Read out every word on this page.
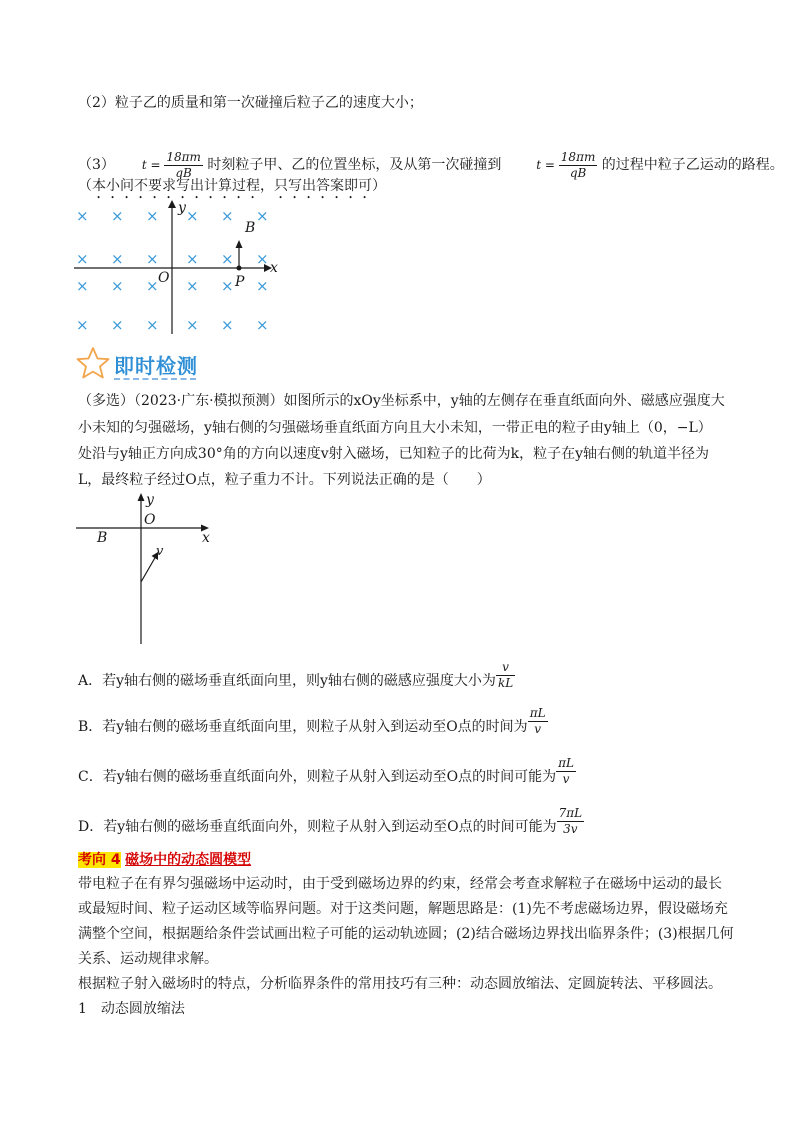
（2）粒子乙的质量和第一次碰撞后粒子乙的速度大小；
（3） $t = \frac{18\pi m}{qB}$ 时刻粒子甲、乙的位置坐标，及从第一次碰撞到	$t = \frac{18\pi m}{qB}$ 的过程中粒子乙运动的路程。
（本小问不要求写出计算过程，只写出答案即可）
y
x
O	P
B
× × × × × ×
× × × × × ×
× × × × × ×
× × × × × ×
即时检测
（多选）（2023·广东·模拟预测）如图所示的xOy坐标系中，y轴的左侧存在垂直纸面向外、磁感应强度大
小未知的匀强磁场，y轴右侧的匀强磁场垂直纸面方向且大小未知，一带正电的粒子由y轴上（0，−L）
处沿与y轴正方向成30°角的方向以速度v射入磁场，已知粒子的比荷为k，粒子在y轴右侧的轨道半径为
L，最终粒子经过O点，粒子重力不计。下列说法正确的是（　　）
y
x
O
B
v
A．若y轴右侧的磁场垂直纸面向里，则y轴右侧的磁感应强度大小为 $\frac{v}{kL}$
B．若y轴右侧的磁场垂直纸面向里，则粒子从射入到运动至O点的时间为 $\frac{\pi L}{v}$
C．若y轴右侧的磁场垂直纸面向外，则粒子从射入到运动至O点的时间可能为 $\frac{\pi L}{v}$
D．若y轴右侧的磁场垂直纸面向外，则粒子从射入到运动至O点的时间可能为 $\frac{7\pi L}{3v}$
考向 4 磁场中的动态圆模型
带电粒子在有界匀强磁场中运动时，由于受到磁场边界的约束，经常会考查求解粒子在磁场中运动的最长
或最短时间、粒子运动区域等临界问题。对于这类问题，解题思路是：(1)先不考虑磁场边界，假设磁场充
满整个空间，根据题给条件尝试画出粒子可能的运动轨迹圆；(2)结合磁场边界找出临界条件；(3)根据几何
关系、运动规律求解。
根据粒子射入磁场时的特点，分析临界条件的常用技巧有三种：动态圆放缩法、定圆旋转法、平移圆法。
1　动态圆放缩法
